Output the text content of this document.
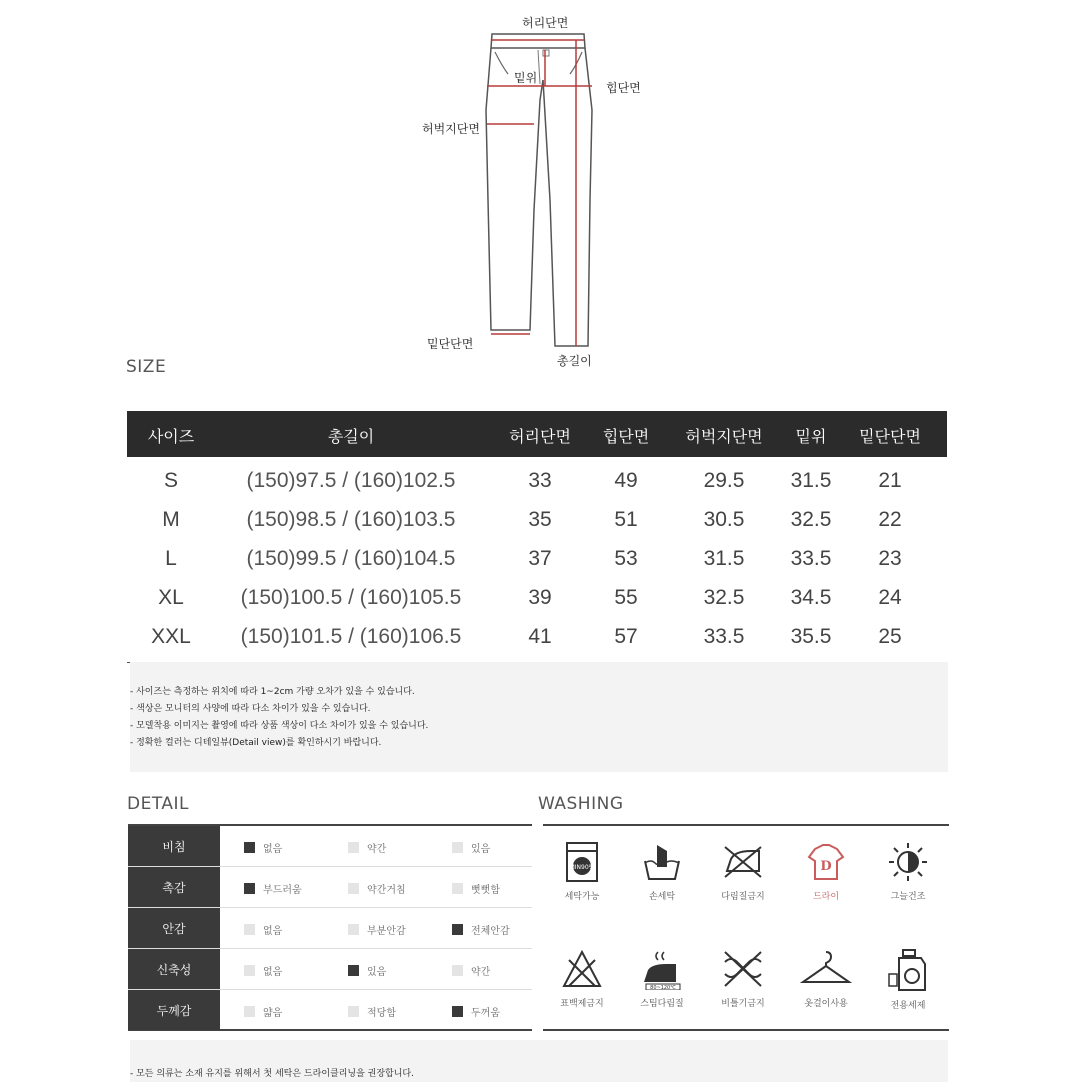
허리단면
밑위
힙단면
허벅지단면
밑단단면
총길이
SIZE
사이즈	총길이	허리단면 힙단면 허벅지단면 밑위 밑단단면
S	(150)97.5 / (160)102.5	33	49	29.5 31.5 21
M	(150)98.5 / (160)103.5	35	51	30.5 32.5 22
L	(150)99.5 / (160)104.5	37	53	31.5 33.5 23
XL	(150)100.5 / (160)105.5	39	55	32.5 34.5 24
XXL (150)101.5 / (160)106.5	41	57	33.5 35.5 25
- 사이즈는 측정하는 위치에 따라 1~2cm 가량 오차가 있을 수 있습니다.
- 색상은 모니터의 사양에 따라 다소 차이가 있을 수 있습니다.
- 모델착용 이미지는 촬영에 따라 상품 색상이 다소 차이가 있을 수 있습니다.
- 정확한 컬러는 디테일뷰(Detail view)를 확인하시기 바랍니다.
DETAIL
비침	없음	약간	있음
촉감	부드러움	약간거침	뻣뻣함
안감	없음	부분안감	전체안감
신축성	없음	있음	약간
두께감	얇음	적당함	두꺼움
WASHING
MIN90%
세탁가능	손세탁	다림질금지
D
드라이	그늘건조
표백제금지
80~120℃
스팀다림질	비틀기금지	옷걸이사용	전용세제
- 모든 의류는 소재 유지를 위해서 첫 세탁은 드라이클리닝을 권장합니다.
